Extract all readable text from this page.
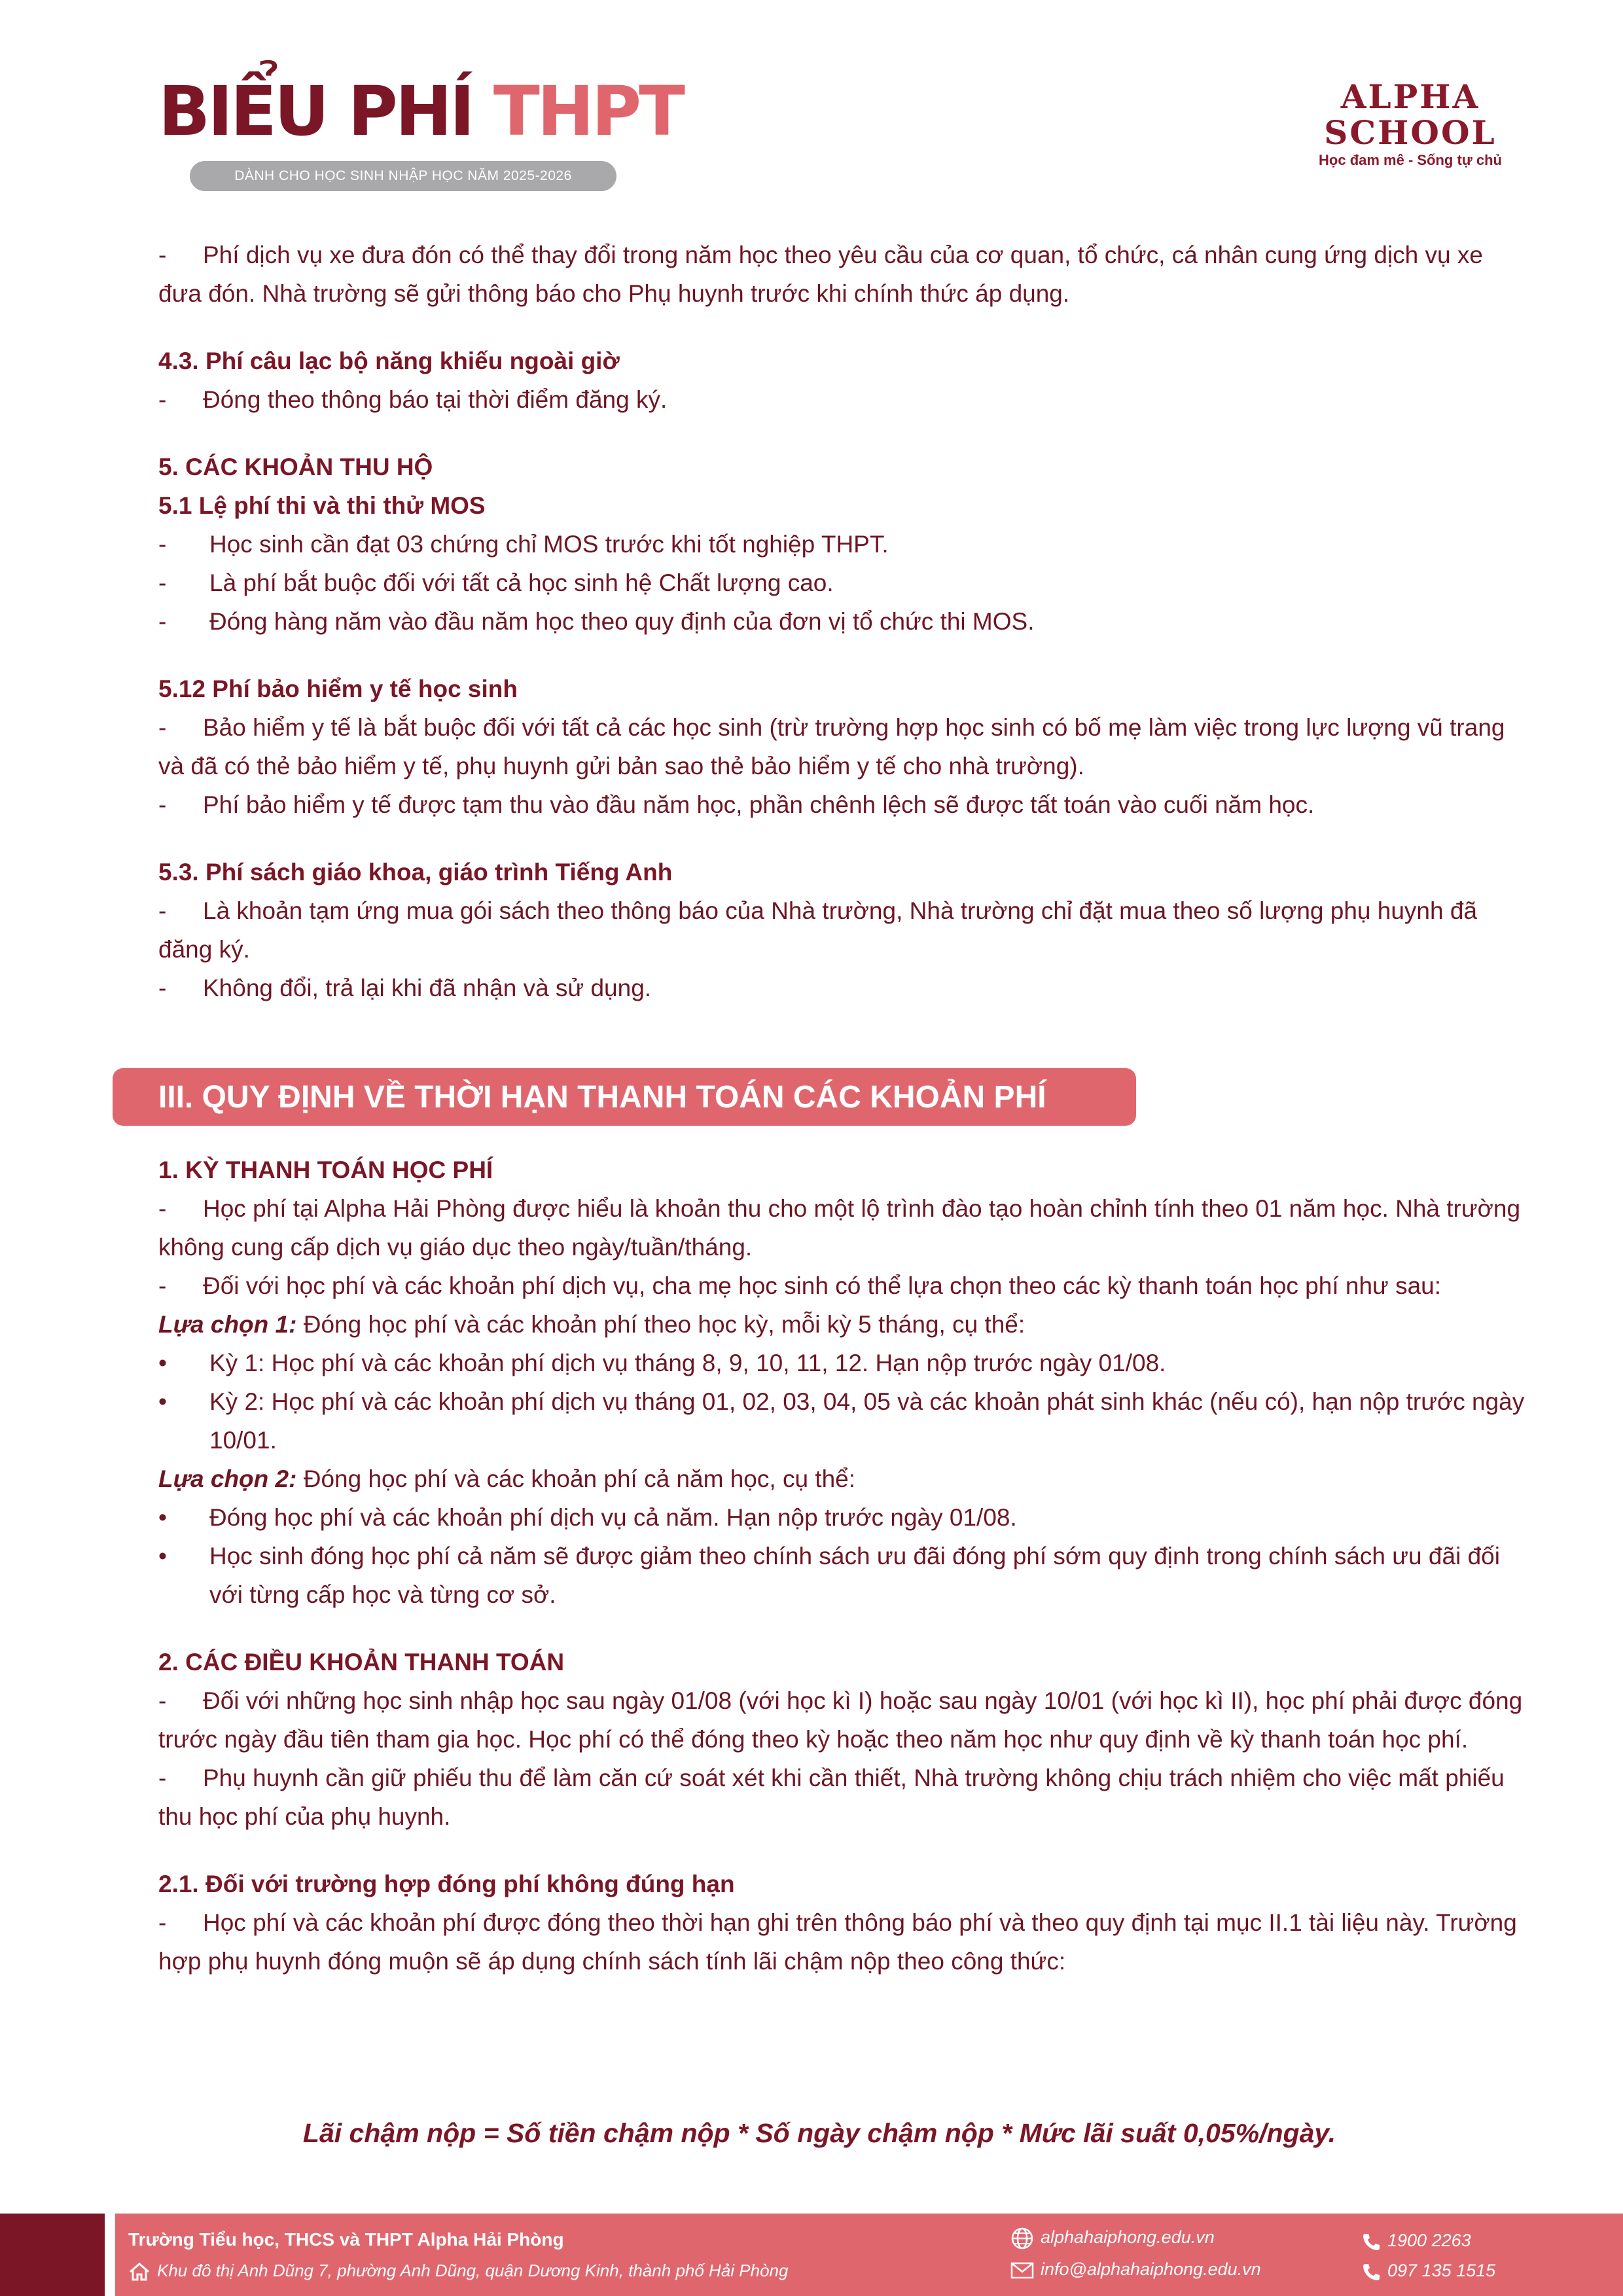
BIỂU PHÍ THPT
DÀNH CHO HỌC SINH NHẬP HỌC NĂM 2025-2026
ALPHA SCHOOL
Học đam mê - Sống tự chủ

- Phí dịch vụ xe đưa đón có thể thay đổi trong năm học theo yêu cầu của cơ quan, tổ chức, cá nhân cung ứng dịch vụ xe đưa đón. Nhà trường sẽ gửi thông báo cho Phụ huynh trước khi chính thức áp dụng.

4.3. Phí câu lạc bộ năng khiếu ngoài giờ

- Đóng theo thông báo tại thời điểm đăng ký.

5. CÁC KHOẢN THU HỘ

5.1 Lệ phí thi và thi thử MOS

- Học sinh cần đạt 03 chứng chỉ MOS trước khi tốt nghiệp THPT.

- Là phí bắt buộc đối với tất cả học sinh hệ Chất lượng cao.

- Đóng hàng năm vào đầu năm học theo quy định của đơn vị tổ chức thi MOS.

5.12 Phí bảo hiểm y tế học sinh

- Bảo hiểm y tế là bắt buộc đối với tất cả các học sinh (trừ trường hợp học sinh có bố mẹ làm việc trong lực lượng vũ trang và đã có thẻ bảo hiểm y tế, phụ huynh gửi bản sao thẻ bảo hiểm y tế cho nhà trường).

- Phí bảo hiểm y tế được tạm thu vào đầu năm học, phần chênh lệch sẽ được tất toán vào cuối năm học.

5.3. Phí sách giáo khoa, giáo trình Tiếng Anh

- Là khoản tạm ứng mua gói sách theo thông báo của Nhà trường, Nhà trường chỉ đặt mua theo số lượng phụ huynh đã đăng ký.

- Không đổi, trả lại khi đã nhận và sử dụng.

III. QUY ĐỊNH VỀ THỜI HẠN THANH TOÁN CÁC KHOẢN PHÍ

1. KỲ THANH TOÁN HỌC PHÍ

- Học phí tại Alpha Hải Phòng được hiểu là khoản thu cho một lộ trình đào tạo hoàn chỉnh tính theo 01 năm học. Nhà trường không cung cấp dịch vụ giáo dục theo ngày/tuần/tháng.

- Đối với học phí và các khoản phí dịch vụ, cha mẹ học sinh có thể lựa chọn theo các kỳ thanh toán học phí như sau:

Lựa chọn 1: Đóng học phí và các khoản phí theo học kỳ, mỗi kỳ 5 tháng, cụ thể:

• Kỳ 1: Học phí và các khoản phí dịch vụ tháng 8, 9, 10, 11, 12. Hạn nộp trước ngày 01/08.

• Kỳ 2: Học phí và các khoản phí dịch vụ tháng 01, 02, 03, 04, 05 và các khoản phát sinh khác (nếu có), hạn nộp trước ngày 10/01.

Lựa chọn 2: Đóng học phí và các khoản phí cả năm học, cụ thể:

• Đóng học phí và các khoản phí dịch vụ cả năm. Hạn nộp trước ngày 01/08.

• Học sinh đóng học phí cả năm sẽ được giảm theo chính sách ưu đãi đóng phí sớm quy định trong chính sách ưu đãi đối với từng cấp học và từng cơ sở.

2. CÁC ĐIỀU KHOẢN THANH TOÁN

- Đối với những học sinh nhập học sau ngày 01/08 (với học kì I) hoặc sau ngày 10/01 (với học kì II), học phí phải được đóng trước ngày đầu tiên tham gia học. Học phí có thể đóng theo kỳ hoặc theo năm học như quy định về kỳ thanh toán học phí.

- Phụ huynh cần giữ phiếu thu để làm căn cứ soát xét khi cần thiết, Nhà trường không chịu trách nhiệm cho việc mất phiếu thu học phí của phụ huynh.

2.1. Đối với trường hợp đóng phí không đúng hạn

- Học phí và các khoản phí được đóng theo thời hạn ghi trên thông báo phí và theo quy định tại mục II.1 tài liệu này. Trường hợp phụ huynh đóng muộn sẽ áp dụng chính sách tính lãi chậm nộp theo công thức:

Lãi chậm nộp = Số tiền chậm nộp * Số ngày chậm nộp * Mức lãi suất 0,05%/ngày.
Trường Tiểu học, THCS và THPT Alpha Hải Phòng
Khu đô thị Anh Dũng 7, phường Anh Dũng, quận Dương Kinh, thành phố Hải Phòng
alphahaiphong.edu.vn
info@alphahaiphong.edu.vn
1900 2263
097 135 1515
